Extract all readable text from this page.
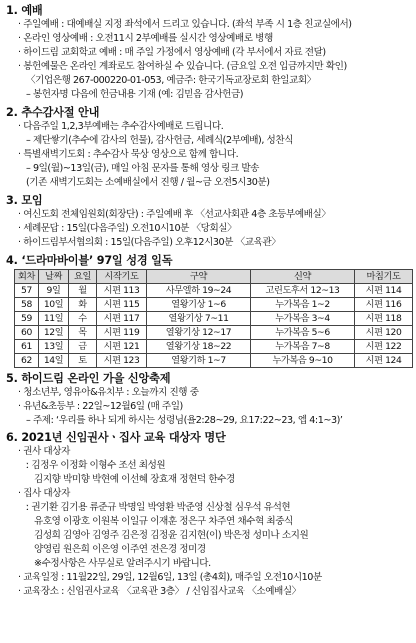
1. 예배
· 주일예배 : 대예배실 지정 좌석에서 드리고 있습니다. (좌석 부족 시 1층 친교실에서)
· 온라인 영상예배 : 오전11시 2부예배를 실시간 영상예배로 병행
· 하이드림 교회학교 예배 : 매 주일 가정에서 영상예배 (각 부서에서 자료 전달)
· 봉헌예물은 온라인 계좌로도 참여하실 수 있습니다. (금요일 오전 입금까지만 확인)
〈기업은행 267-000220-01-053, 예금주: 한국기독교장로회 한일교회〉
– 봉헌자명 다음에 헌금내용 기재 (예: 김믿음 감사헌금)
2. 추수감사절 안내
· 다음주일 1,2,3부예배는 추수감사예배로 드립니다.
– 제단쌓기(추수에 감사의 헌물), 감사헌금, 세례식(2부예배), 성찬식
· 특별새벽기도회 : 추수감사 묵상 영상으로 함께 합니다.
– 9일(월)~13일(금), 매일 아침 문자를 통해 영상 링크 발송
(기존 새벽기도회는 소예배실에서 진행 / 월~금 오전5시30분)
3. 모임
· 여신도회 전체임원회(회장단) : 주일예배 후 〈선교사회관 4층 초등부예배실〉
· 세례문답 : 15일(다음주일) 오전10시10분 〈당회실〉
· 하이드림부서협의회 : 15일(다음주일) 오후12시30분 〈교육관〉
4. ‘드라마바이블’ 97일 성경 일독
회차	날짜	요일	시작기도	구약	신약	마침기도
57	9일	월	시편 113	사무엘하 19~24	고린도후서 12~13	시편 114
58	10일	화	시편 115	열왕기상 1~6	누가복음 1~2	시편 116
59	11일	수	시편 117	열왕기상 7~11	누가복음 3~4	시편 118
60	12일	목	시편 119	열왕기상 12~17	누가복음 5~6	시편 120
61	13일	금	시편 121	열왕기상 18~22	누가복음 7~8	시편 122
62	14일	토	시편 123	열왕기하 1~7	누가복음 9~10	시편 124
5. 하이드림 온라인 가을 신앙축제
· 청소년부, 영유아&유치부 : 오늘까지 진행 중
· 유년&초등부 : 22일~12월6일 (매 주일)
– 주제: ‘우리를 하나 되게 하시는 성령님(욜2:28~29, 요17:22~23, 엡 4:1~3)’
6. 2021년 신임권사ㆍ집사 교육 대상자 명단
· 권사 대상자
ː 김정우 이정화 이형수 조선 최성원
김지향 박미향 박현예 이선혜 장효재 정현덕 한수경
· 집사 대상자
ː 권기환 김기용 류준규 박명일 박영환 박준영 신상철 심우석 유석현
유호영 이광호 이원복 이일규 이재훈 정은구 차주연 채수혁 최중식
김성희 김영아 김영주 김은정 김정윤 김지현(이) 박은정 성미나 소지원
양영림 원은희 이은영 이주연 전은경 정미경
※수정사항은 사무실로 알려주시기 바랍니다.
· 교육일정 : 11월22일, 29일, 12월6일, 13일 (총4회), 매주일 오전10시10분
· 교육장소 : 신임권사교육 〈교육관 3층〉 / 신임집사교육 〈소예배실〉
